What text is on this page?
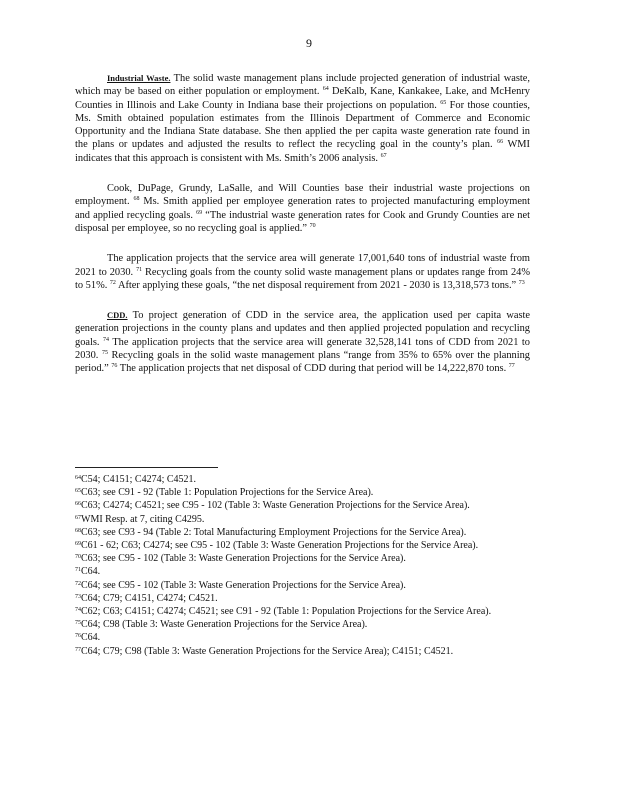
9

Industrial Waste. The solid waste management plans include projected generation of industrial waste, which may be based on either population or employment. $^{64}$ DeKalb, Kane, Kankakee, Lake, and McHenry Counties in Illinois and Lake County in Indiana base their projections on population. $^{65}$ For those counties, Ms. Smith obtained population estimates from the Illinois Department of Commerce and Economic Opportunity and the Indiana State database. She then applied the per capita waste generation rate found in the plans or updates and adjusted the results to reflect the recycling goal in the county’s plan. $^{66}$ WMI indicates that this approach is consistent with Ms. Smith’s 2006 analysis. $^{67}$

Cook, DuPage, Grundy, LaSalle, and Will Counties base their industrial waste projections on employment. $^{68}$ Ms. Smith applied per employee generation rates to projected manufacturing employment and applied recycling goals. $^{69}$ “The industrial waste generation rates for Cook and Grundy Counties are net disposal per employee, so no recycling goal is applied.” $^{70}$

The application projects that the service area will generate 17,001,640 tons of industrial waste from 2021 to 2030. $^{71}$ Recycling goals from the county solid waste management plans or updates range from 24% to 51%. $^{72}$ After applying these goals, “the net disposal requirement from 2021 - 2030 is 13,318,573 tons.” $^{73}$

CDD. To project generation of CDD in the service area, the application used per capita waste generation projections in the county plans and updates and then applied projected population and recycling goals. $^{74}$ The application projects that the service area will generate 32,528,141 tons of CDD from 2021 to 2030. $^{75}$ Recycling goals in the solid waste management plans “range from 35% to 65% over the planning period.” $^{76}$ The application projects that net disposal of CDD during that period will be 14,222,870 tons. $^{77}$

$^{64}$C54; C4151; C4274; C4521.

$^{65}$C63; see C91 - 92 (Table 1: Population Projections for the Service Area).

$^{66}$C63; C4274; C4521; see C95 - 102 (Table 3: Waste Generation Projections for the Service Area).

$^{67}$WMI Resp. at 7, citing C4295.

$^{68}$C63; see C93 - 94 (Table 2: Total Manufacturing Employment Projections for the Service Area).

$^{69}$C61 - 62; C63; C4274; see C95 - 102 (Table 3: Waste Generation Projections for the Service Area).

$^{70}$C63; see C95 - 102 (Table 3: Waste Generation Projections for the Service Area).

$^{71}$C64.

$^{72}$C64; see C95 - 102 (Table 3: Waste Generation Projections for the Service Area).

$^{73}$C64; C79; C4151, C4274; C4521.

$^{74}$C62; C63; C4151; C4274; C4521; see C91 - 92 (Table 1: Population Projections for the Service Area).

$^{75}$C64; C98 (Table 3: Waste Generation Projections for the Service Area).

$^{76}$C64.

$^{77}$C64; C79; C98 (Table 3: Waste Generation Projections for the Service Area); C4151; C4521.
